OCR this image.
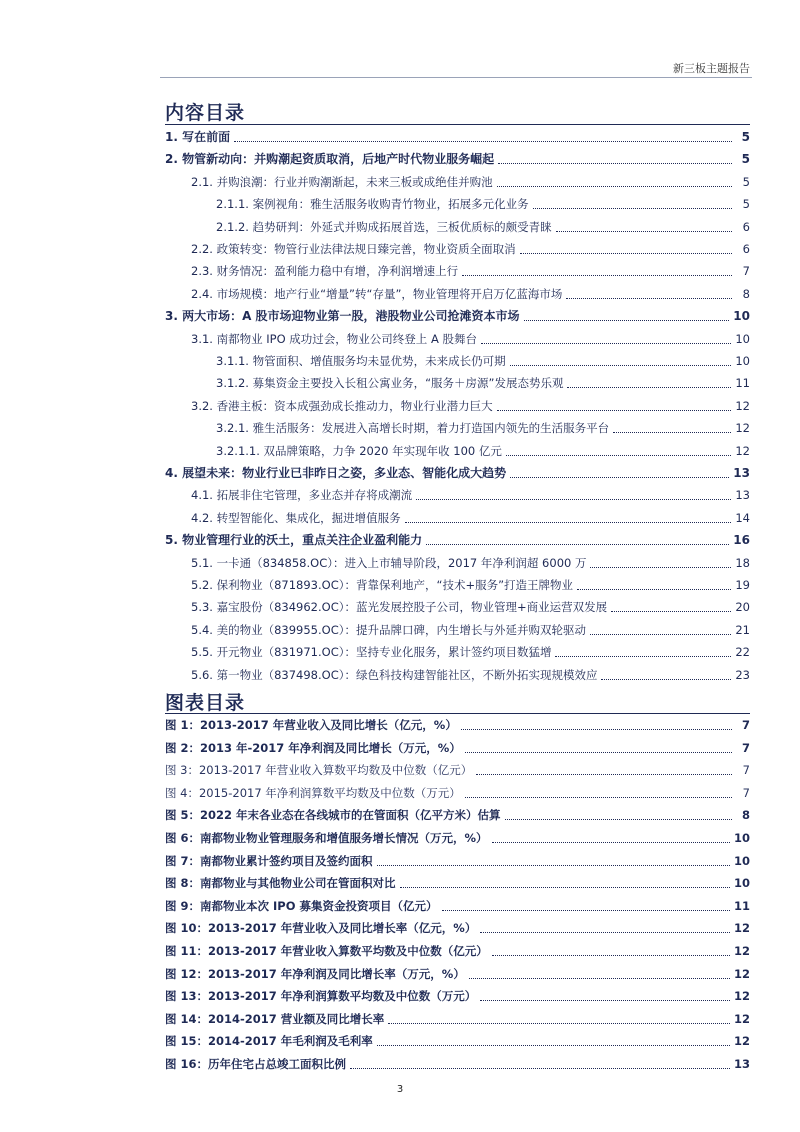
新三板主题报告
内容目录
1. 写在前面	5
2. 物管新动向：并购潮起资质取消，后地产时代物业服务崛起	5
2.1. 并购浪潮：行业并购潮渐起，未来三板或成绝佳并购池	5
2.1.1. 案例视角：雅生活服务收购青竹物业，拓展多元化业务	5
2.1.2. 趋势研判：外延式并购成拓展首选，三板优质标的颇受青睐	6
2.2. 政策转变：物管行业法律法规日臻完善，物业资质全面取消	6
2.3. 财务情况：盈利能力稳中有增，净利润增速上行	7
2.4. 市场规模：地产行业“增量”转“存量”，物业管理将开启万亿蓝海市场	8
3. 两大市场：A 股市场迎物业第一股，港股物业公司抢滩资本市场	10
3.1. 南都物业 IPO 成功过会，物业公司终登上 A 股舞台	10
3.1.1. 物管面积、增值服务均未显优势，未来成长仍可期	10
3.1.2. 募集资金主要投入长租公寓业务，“服务＋房源”发展态势乐观	11
3.2. 香港主板：资本成强劲成长推动力，物业行业潜力巨大	12
3.2.1. 雅生活服务：发展进入高增长时期，着力打造国内领先的生活服务平台	12
3.2.1.1. 双品牌策略，力争 2020 年实现年收 100 亿元	12
4. 展望未来：物业行业已非昨日之姿，多业态、智能化成大趋势	13
4.1. 拓展非住宅管理，多业态并存将成潮流	13
4.2. 转型智能化、集成化，掘进增值服务	14
5. 物业管理行业的沃土，重点关注企业盈利能力	16
5.1. 一卡通（834858.OC）：进入上市辅导阶段，2017 年净利润超 6000 万	18
5.2. 保利物业（871893.OC）：背靠保利地产，“技术+服务”打造王牌物业	19
5.3. 嘉宝股份（834962.OC）：蓝光发展控股子公司，物业管理+商业运营双发展	20
5.4. 美的物业（839955.OC）：提升品牌口碑，内生增长与外延并购双轮驱动	21
5.5. 开元物业（831971.OC）：坚持专业化服务，累计签约项目数猛增	22
5.6. 第一物业（837498.OC）：绿色科技构建智能社区，不断外拓实现规模效应	23
图表目录
图 1：2013-2017 年营业收入及同比增长（亿元，%）	7
图 2：2013 年-2017 年净利润及同比增长（万元，%）	7
图 3：2013-2017 年营业收入算数平均数及中位数（亿元）	7
图 4：2015-2017 年净利润算数平均数及中位数（万元）	7
图 5：2022 年末各业态在各线城市的在管面积（亿平方米）估算	8
图 6：南都物业物业管理服务和增值服务增长情况（万元，%）	10
图 7：南都物业累计签约项目及签约面积	10
图 8：南都物业与其他物业公司在管面积对比	10
图 9：南都物业本次 IPO 募集资金投资项目（亿元）	11
图 10：2013-2017 年营业收入及同比增长率（亿元，%）	12
图 11：2013-2017 年营业收入算数平均数及中位数（亿元）	12
图 12：2013-2017 年净利润及同比增长率（万元，%）	12
图 13：2013-2017 年净利润算数平均数及中位数（万元）	12
图 14：2014-2017 营业额及同比增长率	12
图 15：2014-2017 年毛利润及毛利率	12
图 16：历年住宅占总竣工面积比例	13
3
